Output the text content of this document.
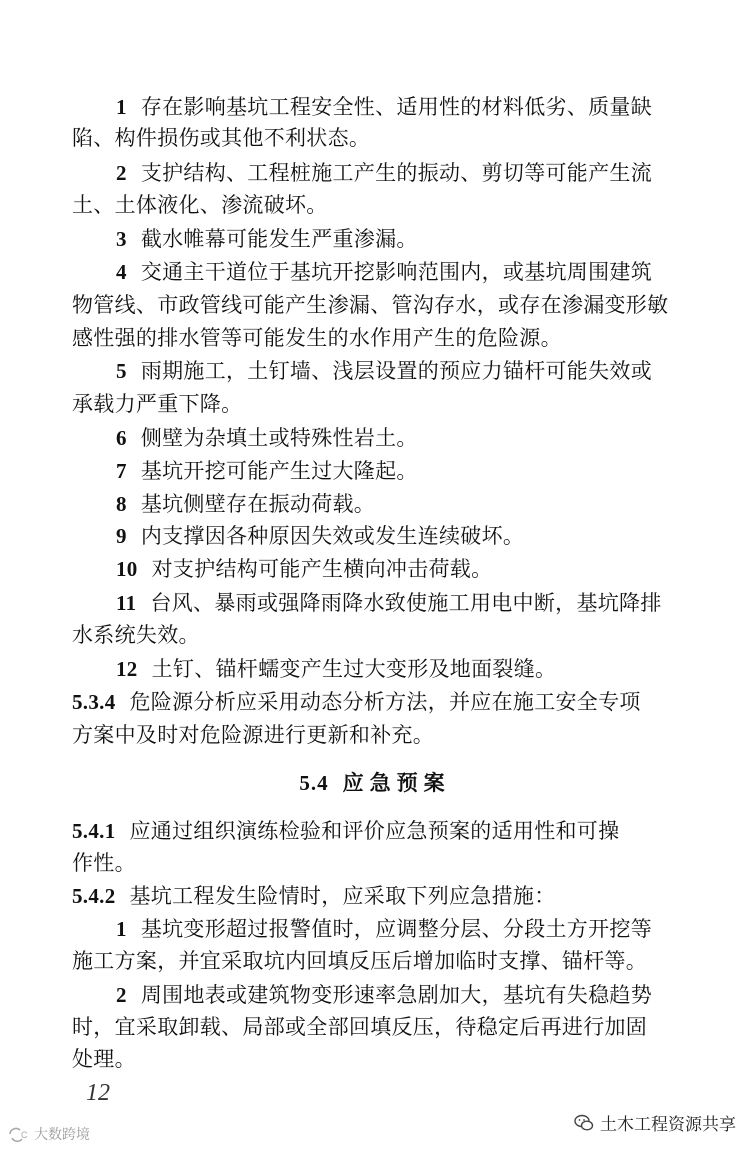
1 存在影响基坑工程安全性、适用性的材料低劣、质量缺
陷、构件损伤或其他不利状态。
2 支护结构、工程桩施工产生的振动、剪切等可能产生流
土、土体液化、渗流破坏。
3 截水帷幕可能发生严重渗漏。
4 交通主干道位于基坑开挖影响范围内，或基坑周围建筑
物管线、市政管线可能产生渗漏、管沟存水，或存在渗漏变形敏
感性强的排水管等可能发生的水作用产生的危险源。
5 雨期施工，土钉墙、浅层设置的预应力锚杆可能失效或
承载力严重下降。
6 侧壁为杂填土或特殊性岩土。
7 基坑开挖可能产生过大隆起。
8 基坑侧壁存在振动荷载。
9 内支撑因各种原因失效或发生连续破坏。
10 对支护结构可能产生横向冲击荷载。
11 台风、暴雨或强降雨降水致使施工用电中断，基坑降排
水系统失效。
12 土钉、锚杆蠕变产生过大变形及地面裂缝。
5.3.4 危险源分析应采用动态分析方法，并应在施工安全专项
方案中及时对危险源进行更新和补充。
5.4 应急预案
5.4.1 应通过组织演练检验和评价应急预案的适用性和可操
作性。
5.4.2 基坑工程发生险情时，应采取下列应急措施：
1 基坑变形超过报警值时，应调整分层、分段土方开挖等
施工方案，并宜采取坑内回填反压后增加临时支撑、锚杆等。
2 周围地表或建筑物变形速率急剧加大，基坑有失稳趋势
时，宜采取卸载、局部或全部回填反压，待稳定后再进行加固
处理。
12
土木工程资源共享
C 大数跨境
